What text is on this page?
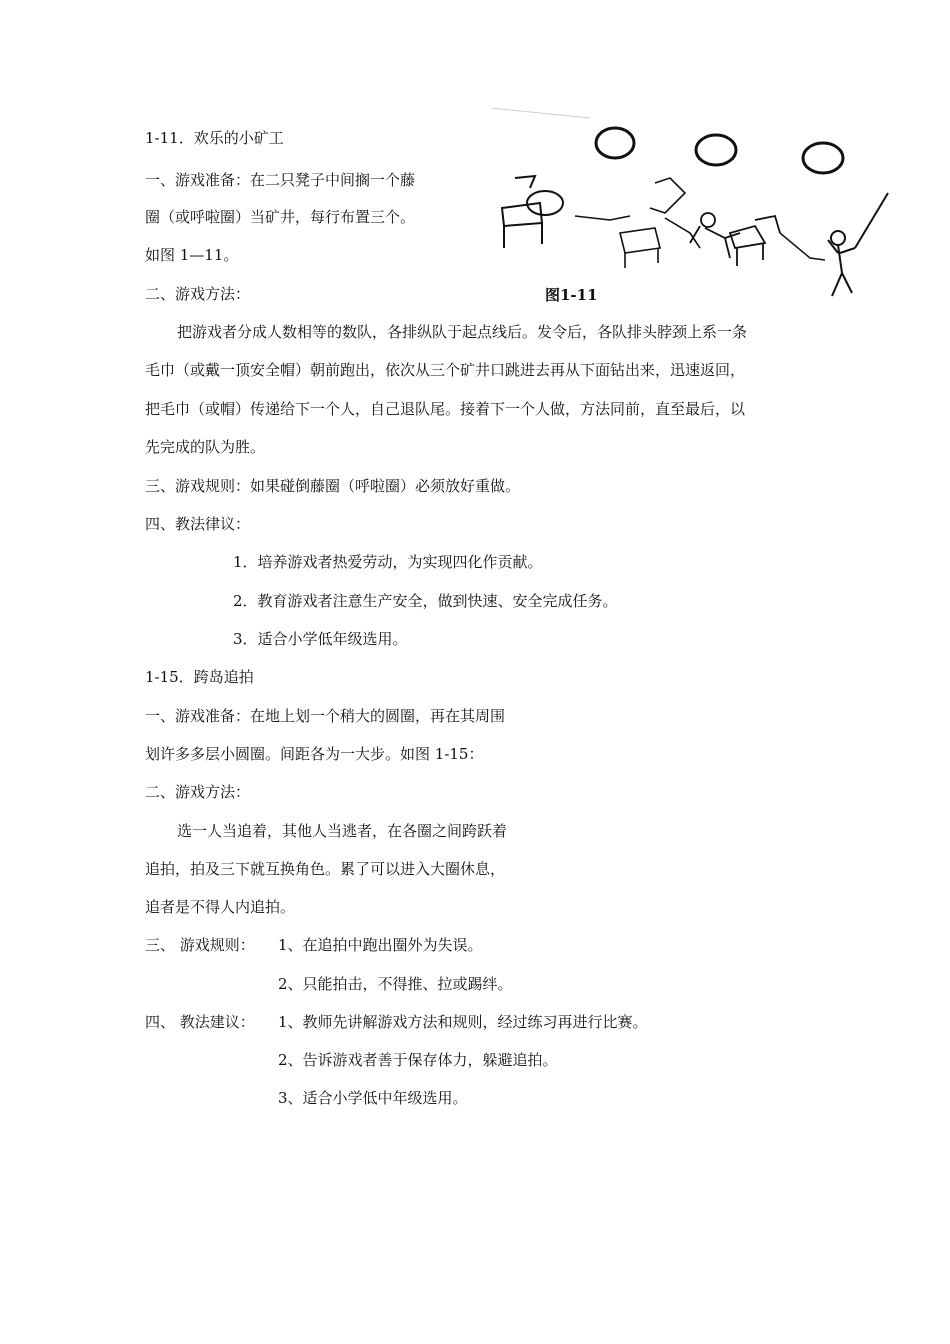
1-11．欢乐的小矿工
一、游戏准备：在二只凳子中间搁一个藤
圈（或呼啦圈）当矿井，每行布置三个。
如图 1—11。
二、游戏方法：
把游戏者分成人数相等的数队，各排纵队于起点线后。发令后，各队排头脖颈上系一条
毛巾（或戴一顶安全帽）朝前跑出，依次从三个矿井口跳进去再从下面钻出来，迅速返回，
把毛巾（或帽）传递给下一个人，自己退队尾。接着下一个人做，方法同前，直至最后，以
先完成的队为胜。
三、游戏规则：如果碰倒藤圈（呼啦圈）必须放好重做。
四、教法律议：
1．培养游戏者热爱劳动，为实现四化作贡献。
2．教育游戏者注意生产安全，做到快速、安全完成任务。
3．适合小学低年级选用。
图1-11
1-15．跨岛追拍
一、游戏准备：在地上划一个稍大的圆圈，再在其周围
划许多多层小圆圈。间距各为一大步。如图 1-15：
二、游戏方法：
选一人当追着，其他人当逃者，在各圈之间跨跃着
追拍，拍及三下就互换角色。累了可以进入大圈休息，
追者是不得人内追拍。
三、 游戏规则： 1、在追拍中跑出圈外为失误。
2、只能拍击，不得推、拉或踢绊。
四、 教法建议： 1、教师先讲解游戏方法和规则，经过练习再进行比赛。
2、告诉游戏者善于保存体力，躲避追拍。
3、适合小学低中年级选用。
